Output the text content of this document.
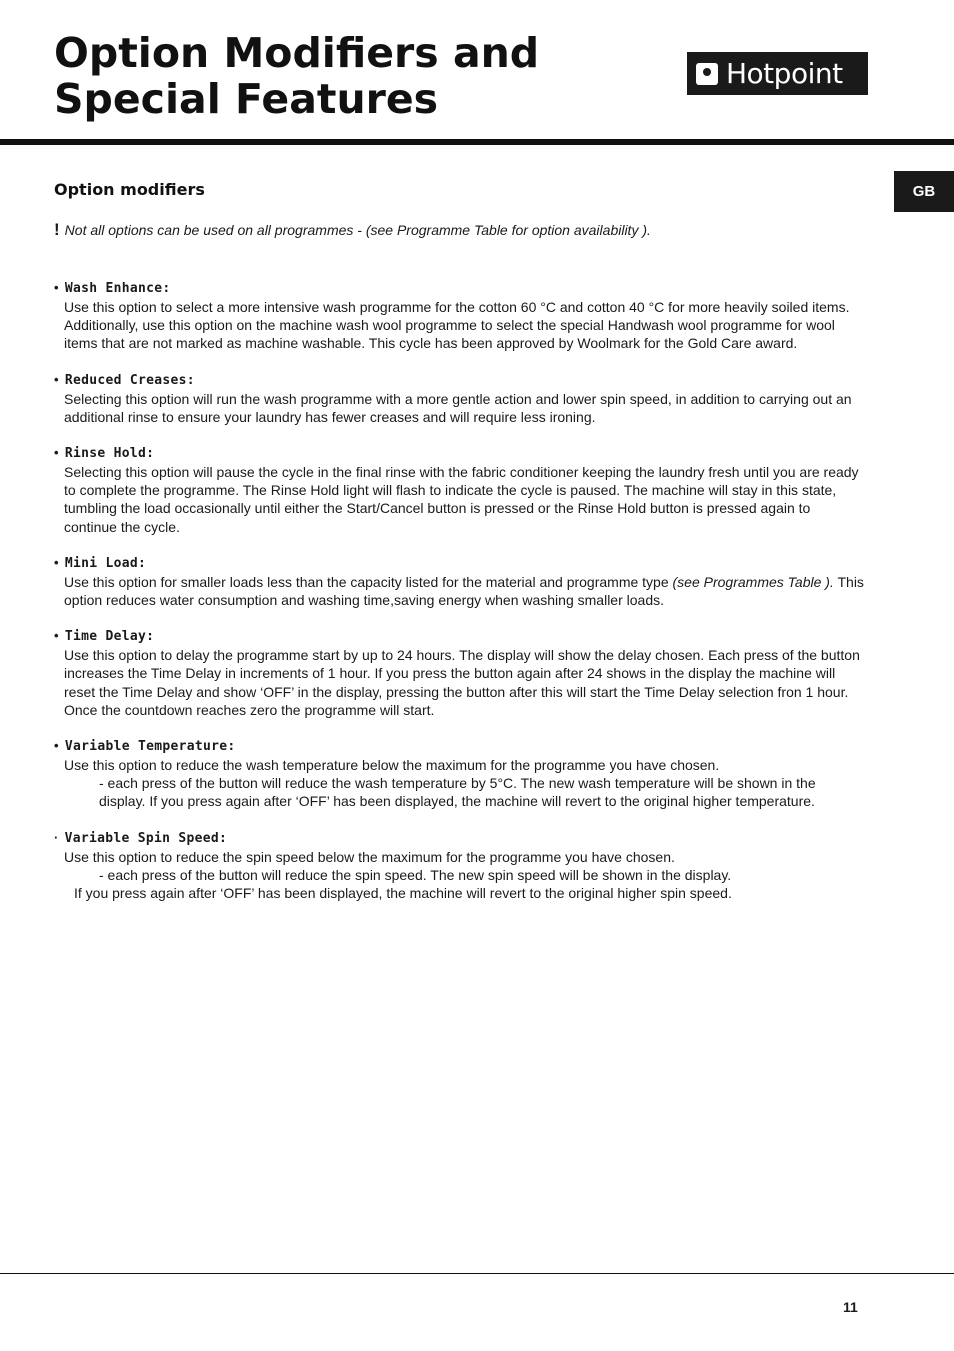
Option Modifiers and
Special Features
Hotpoint
GB
Option modifiers
! Not all options can be used on all programmes - (see Programme Table for option availability ).
• Wash Enhance:
Use this option to select a more intensive wash programme for the cotton 60 °C and cotton 40 °C for more heavily soiled items. Additionally, use this option on the machine wash wool programme to select the special Handwash wool programme for wool items that are not marked as machine washable. This cycle has been approved by Woolmark for the Gold Care award.
• Reduced Creases:
Selecting this option will run the wash programme with a more gentle action and lower spin speed, in addition to carrying out an additional rinse to ensure your laundry has fewer creases and will require less ironing.
• Rinse Hold:
Selecting this option will pause the cycle in the final rinse with the fabric conditioner keeping the laundry fresh until you are ready to complete the programme. The Rinse Hold light will flash to indicate the cycle is paused. The machine will stay in this state, tumbling the load occasionally until either the Start/Cancel button is pressed or the Rinse Hold button is pressed again to continue the cycle.
• Mini Load:
Use this option for smaller loads less than the capacity listed for the material and programme type (see Programmes Table ). This option reduces water consumption and washing time,saving energy when washing smaller loads.
• Time Delay:
Use this option to delay the programme start by up to 24 hours. The display will show the delay chosen. Each press of the button increases the Time Delay in increments of 1 hour. If you press the button again after 24 shows in the display the machine will reset the Time Delay and show ‘OFF’ in the display, pressing the button after this will start the Time Delay selection fron 1 hour. Once the countdown reaches zero the programme will start.
• Variable Temperature:
Use this option to reduce the wash temperature below the maximum for the programme you have chosen.
- each press of the button will reduce the wash temperature by 5°C. The new wash temperature will be shown in the display. If you press again after ‘OFF’ has been displayed, the machine will revert to the original higher temperature.
· Variable Spin Speed:
Use this option to reduce the spin speed below the maximum for the programme you have chosen.
- each press of the button will reduce the spin speed. The new spin speed will be shown in the display.
If you press again after ‘OFF’ has been displayed, the machine will revert to the original higher spin speed.
11
